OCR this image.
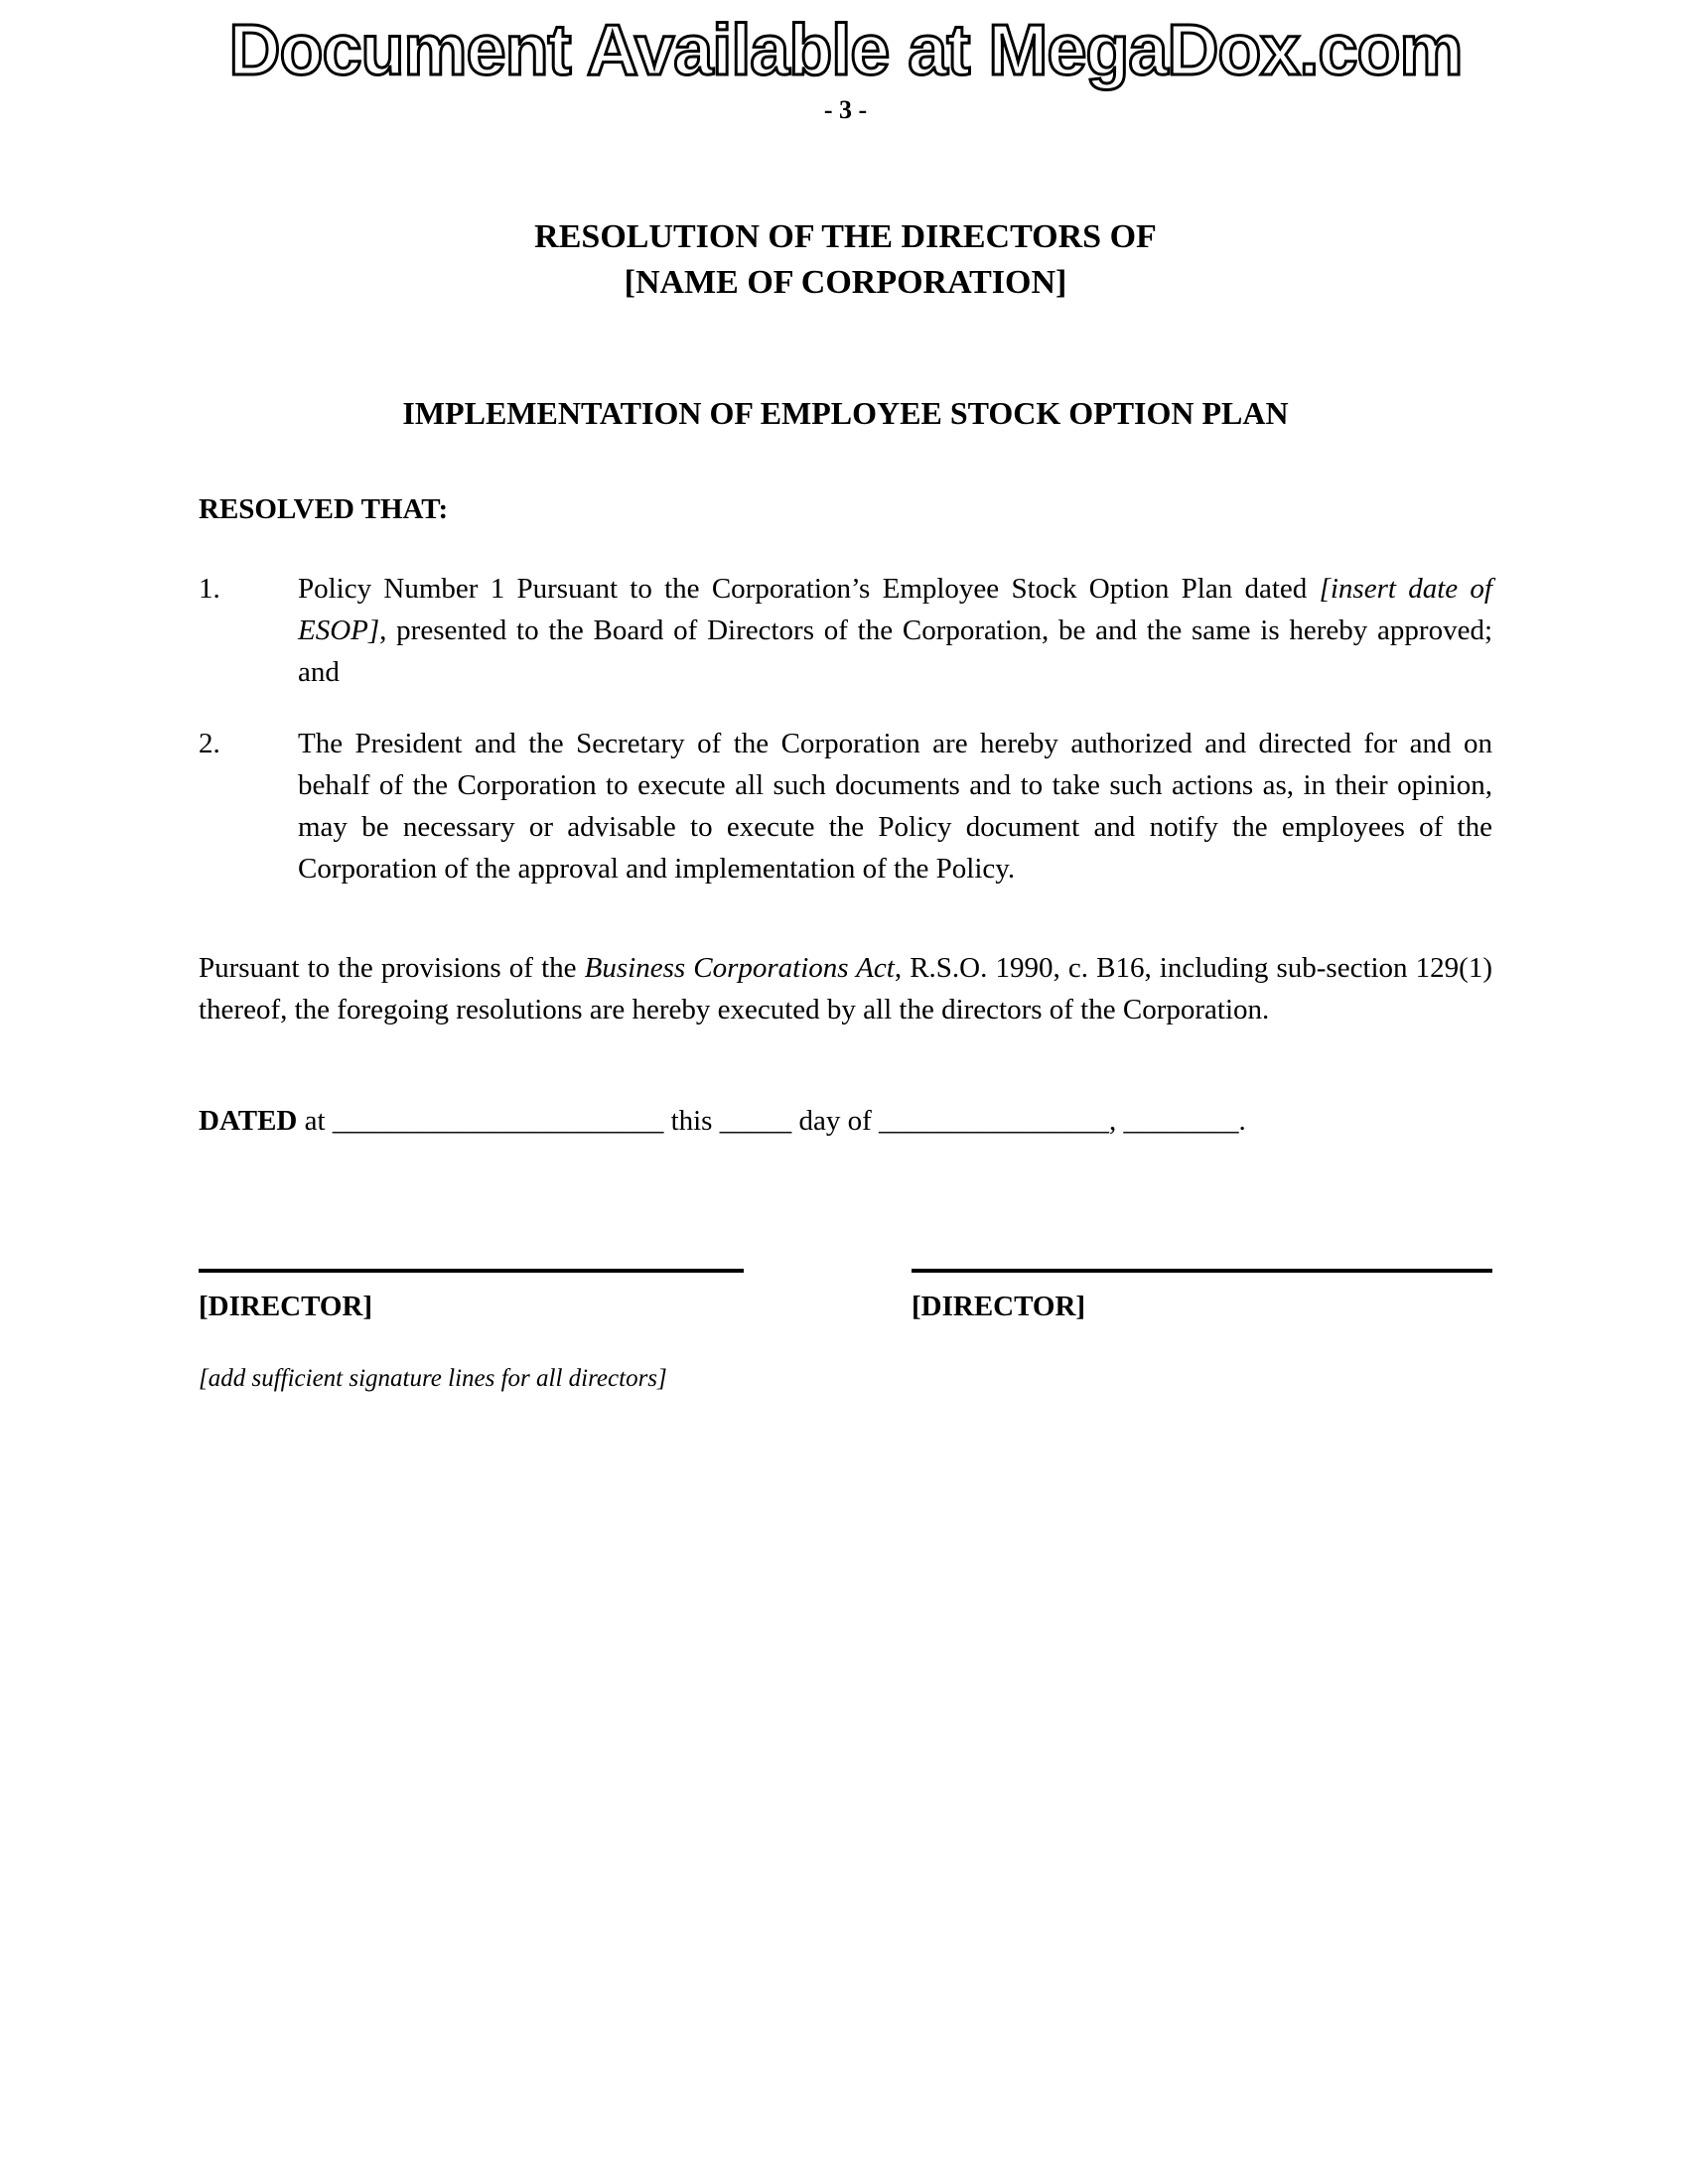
Document Available at MegaDox.com
- 3 -
RESOLUTION OF THE DIRECTORS OF
[NAME OF CORPORATION]
IMPLEMENTATION OF EMPLOYEE STOCK OPTION PLAN
RESOLVED THAT:
1.	Policy Number 1 Pursuant to the Corporation’s Employee Stock Option Plan dated [insert date of ESOP], presented to the Board of Directors of the Corporation, be and the same is hereby approved; and
2.	The President and the Secretary of the Corporation are hereby authorized and directed for and on behalf of the Corporation to execute all such documents and to take such actions as, in their opinion, may be necessary or advisable to execute the Policy document and notify the employees of the Corporation of the approval and implementation of the Policy.

Pursuant to the provisions of the Business Corporations Act, R.S.O. 1990, c. B16, including sub-section 129(1) thereof, the foregoing resolutions are hereby executed by all the directors of the Corporation.

DATED at _______________________ this _____ day of ________________, ________.

[DIRECTOR]	[DIRECTOR]
[add sufficient signature lines for all directors]
